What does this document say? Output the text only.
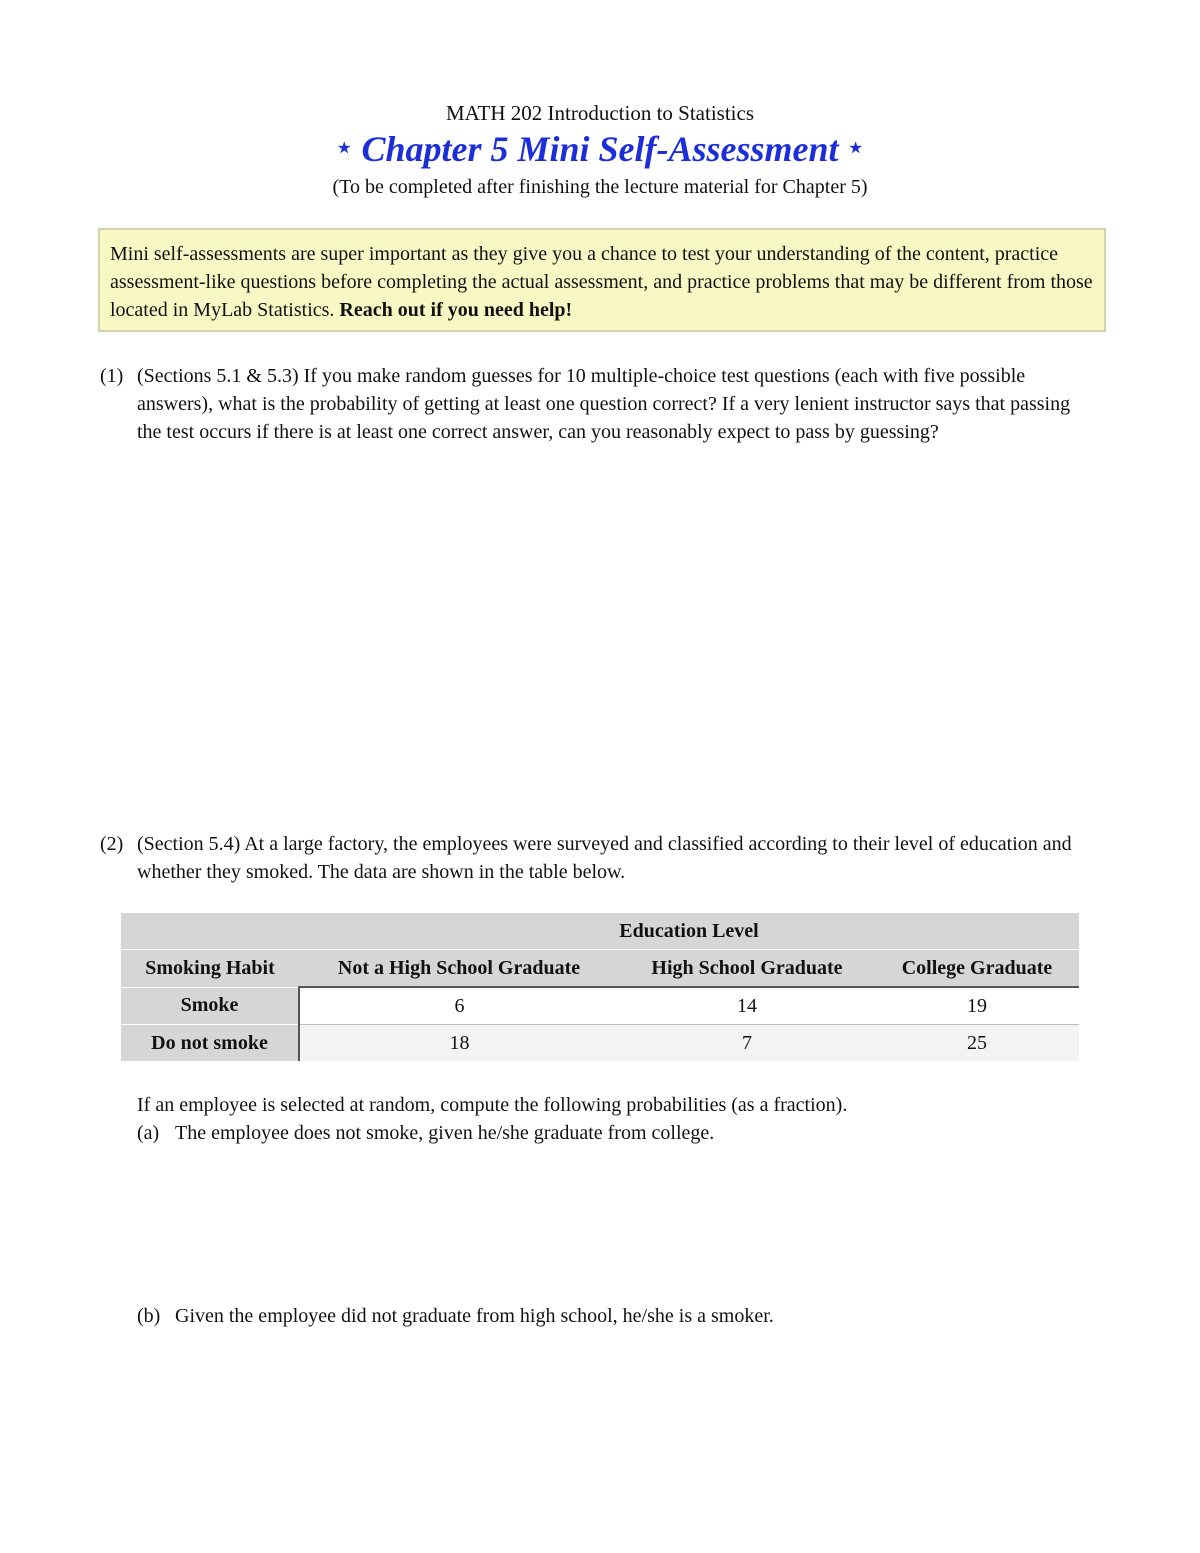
MATH 202 Introduction to Statistics
⋆ Chapter 5 Mini Self-Assessment ⋆
(To be completed after finishing the lecture material for Chapter 5)
Mini self-assessments are super important as they give you a chance to test your understanding of the content, practice assessment-like questions before completing the actual assessment, and practice problems that may be different from those located in MyLab Statistics. Reach out if you need help!
(1) (Sections 5.1 & 5.3) If you make random guesses for 10 multiple-choice test questions (each with five possible answers), what is the probability of getting at least one question correct? If a very lenient instructor says that passing the test occurs if there is at least one correct answer, can you reasonably expect to pass by guessing?
(2) (Section 5.4) At a large factory, the employees were surveyed and classified according to their level of education and whether they smoked. The data are shown in the table below.
	Education Level		
Smoking Habit	Not a High School Graduate	High School Graduate	College Graduate
Smoke	6	14	19
Do not smoke	18	7	25
If an employee is selected at random, compute the following probabilities (as a fraction).
(a) The employee does not smoke, given he/she graduate from college.
(b) Given the employee did not graduate from high school, he/she is a smoker.
